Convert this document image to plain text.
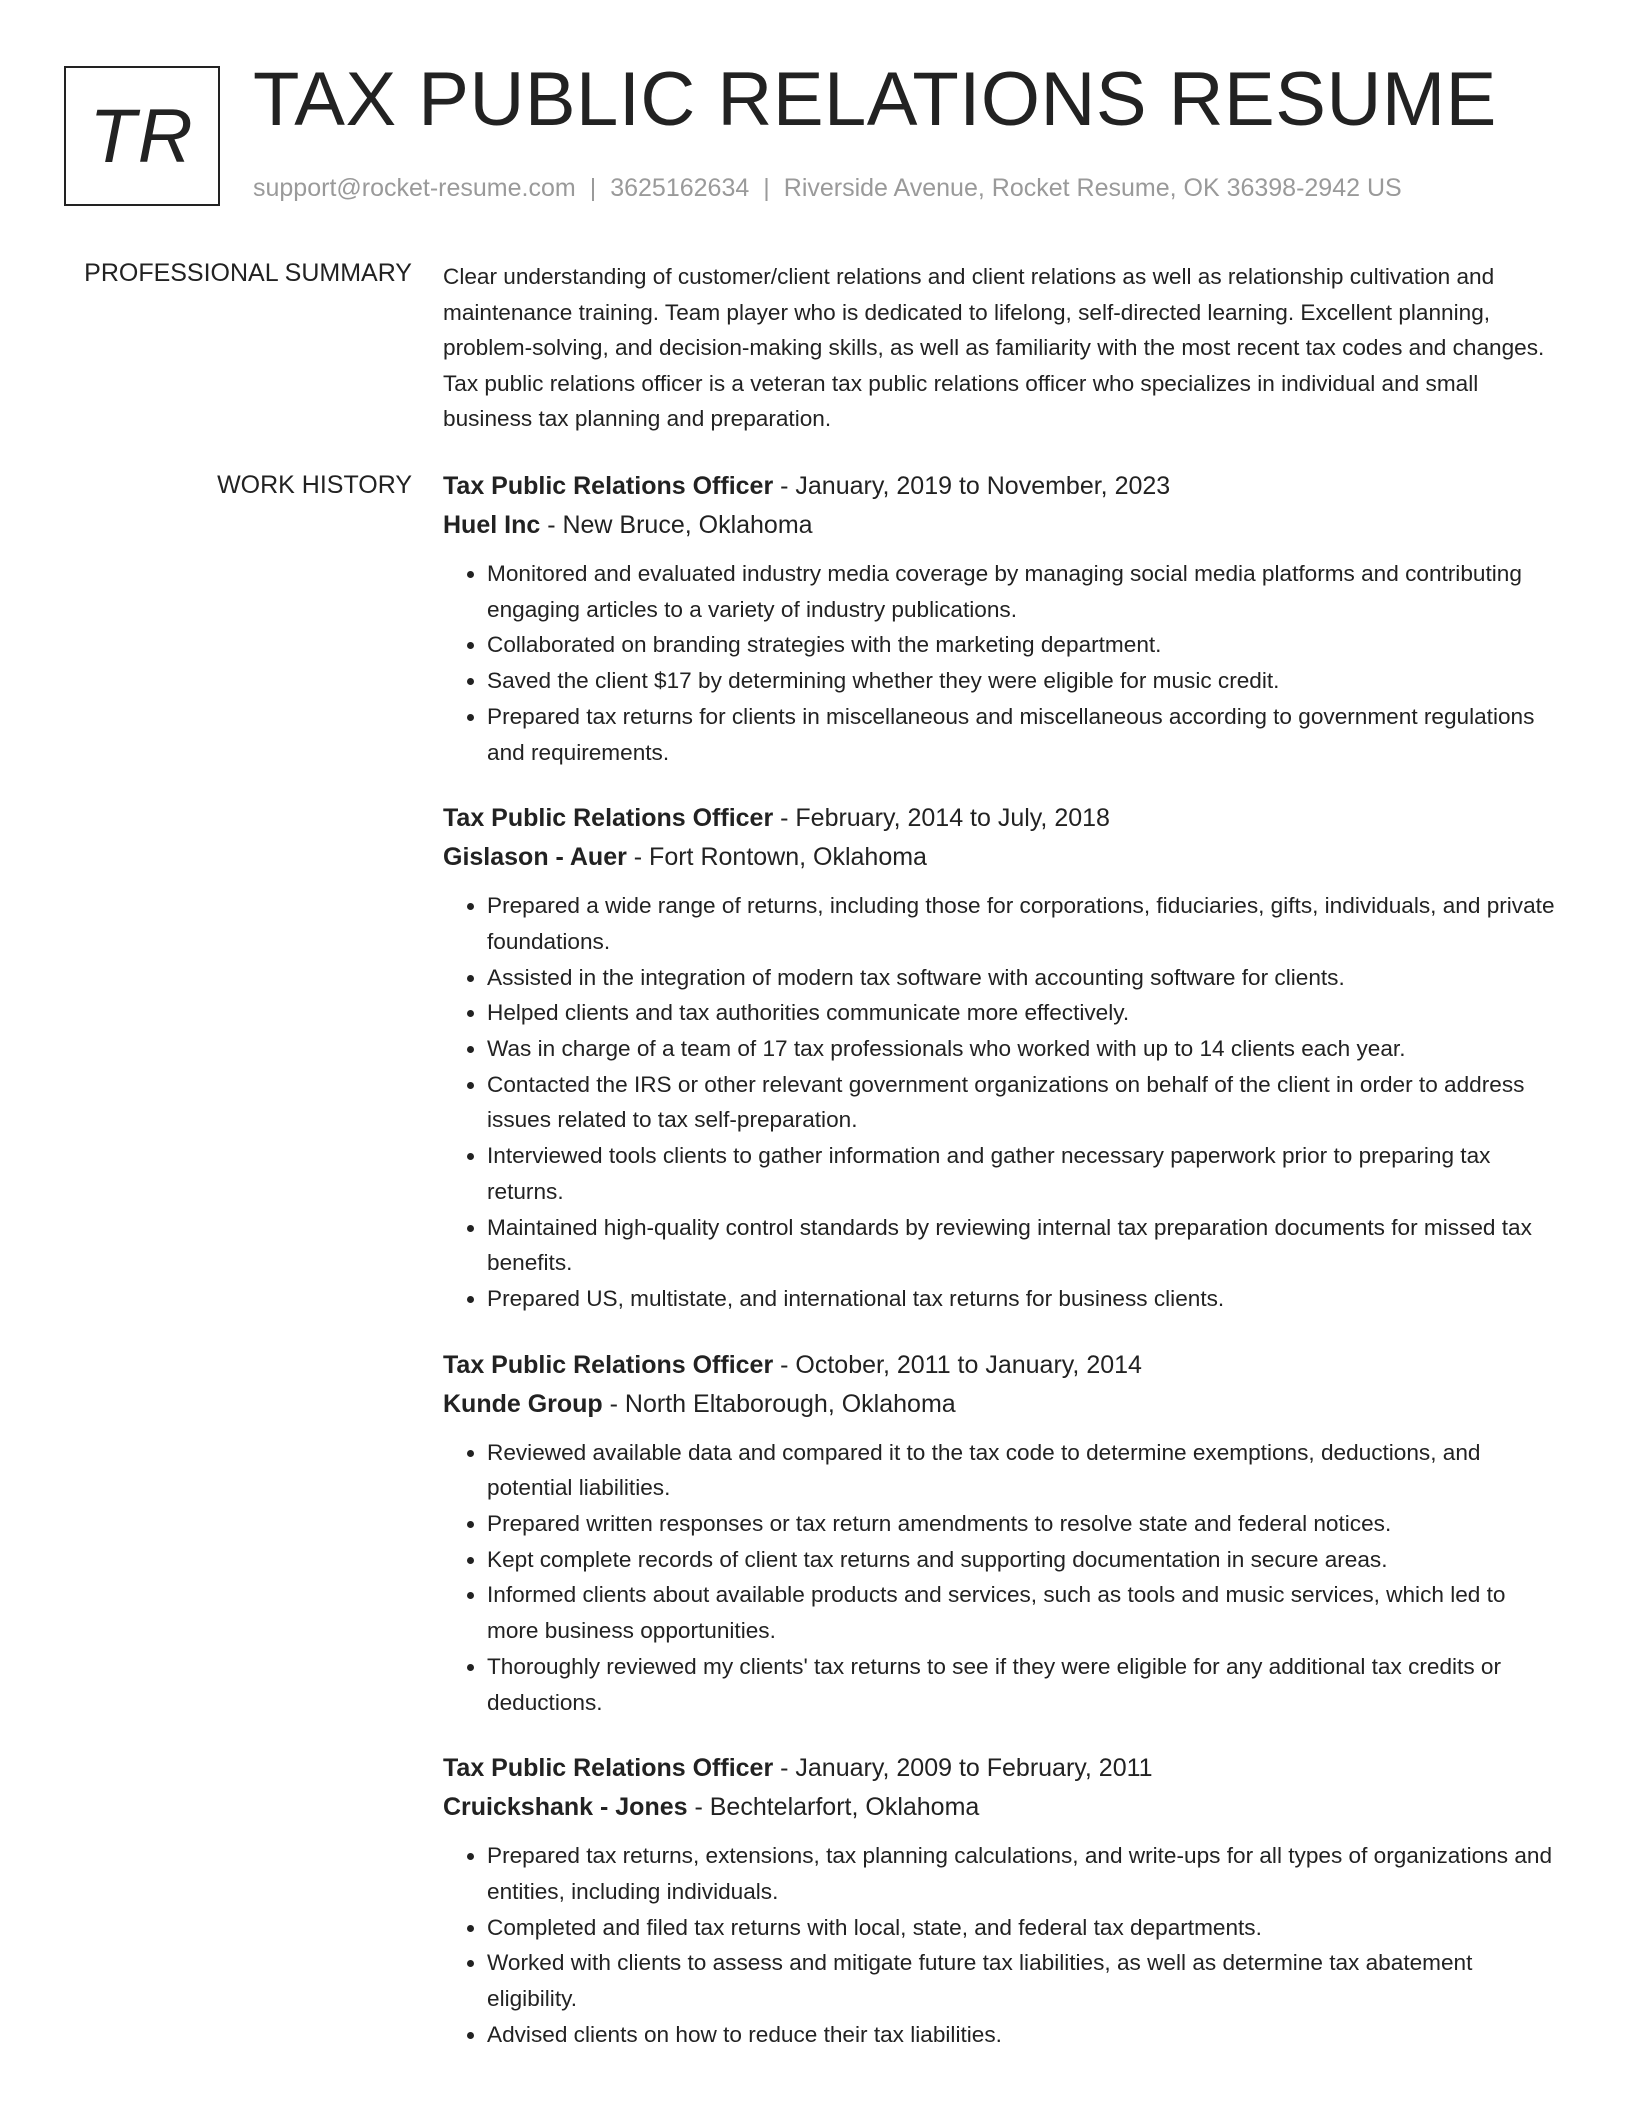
TR TAX PUBLIC RELATIONS RESUME
support@rocket-resume.com | 3625162634 | Riverside Avenue, Rocket Resume, OK 36398-2942 US
PROFESSIONAL SUMMARY Clear understanding of customer/client relations and client relations as well as relationship cultivation and maintenance training. Team player who is dedicated to lifelong, self-directed learning. Excellent planning, problem-solving, and decision-making skills, as well as familiarity with the most recent tax codes and changes. Tax public relations officer is a veteran tax public relations officer who specializes in individual and small business tax planning and preparation.

WORK HISTORY Tax Public Relations Officer - January, 2019 to November, 2023
Huel Inc - New Bruce, Oklahoma
• Monitored and evaluated industry media coverage by managing social media platforms and contributing engaging articles to a variety of industry publications.
• Collaborated on branding strategies with the marketing department.
• Saved the client $17 by determining whether they were eligible for music credit.
• Prepared tax returns for clients in miscellaneous and miscellaneous according to government regulations and requirements.
Tax Public Relations Officer - February, 2014 to July, 2018
Gislason - Auer - Fort Rontown, Oklahoma
• Prepared a wide range of returns, including those for corporations, fiduciaries, gifts, individuals, and private foundations.
• Assisted in the integration of modern tax software with accounting software for clients.
• Helped clients and tax authorities communicate more effectively.
• Was in charge of a team of 17 tax professionals who worked with up to 14 clients each year.
• Contacted the IRS or other relevant government organizations on behalf of the client in order to address issues related to tax self-preparation.
• Interviewed tools clients to gather information and gather necessary paperwork prior to preparing tax returns.
• Maintained high-quality control standards by reviewing internal tax preparation documents for missed tax benefits.
• Prepared US, multistate, and international tax returns for business clients.
Tax Public Relations Officer - October, 2011 to January, 2014
Kunde Group - North Eltaborough, Oklahoma
• Reviewed available data and compared it to the tax code to determine exemptions, deductions, and potential liabilities.
• Prepared written responses or tax return amendments to resolve state and federal notices.
• Kept complete records of client tax returns and supporting documentation in secure areas.
• Informed clients about available products and services, such as tools and music services, which led to more business opportunities.
• Thoroughly reviewed my clients' tax returns to see if they were eligible for any additional tax credits or deductions.
Tax Public Relations Officer - January, 2009 to February, 2011
Cruickshank - Jones - Bechtelarfort, Oklahoma
• Prepared tax returns, extensions, tax planning calculations, and write-ups for all types of organizations and entities, including individuals.
• Completed and filed tax returns with local, state, and federal tax departments.
• Worked with clients to assess and mitigate future tax liabilities, as well as determine tax abatement eligibility.
• Advised clients on how to reduce their tax liabilities.
